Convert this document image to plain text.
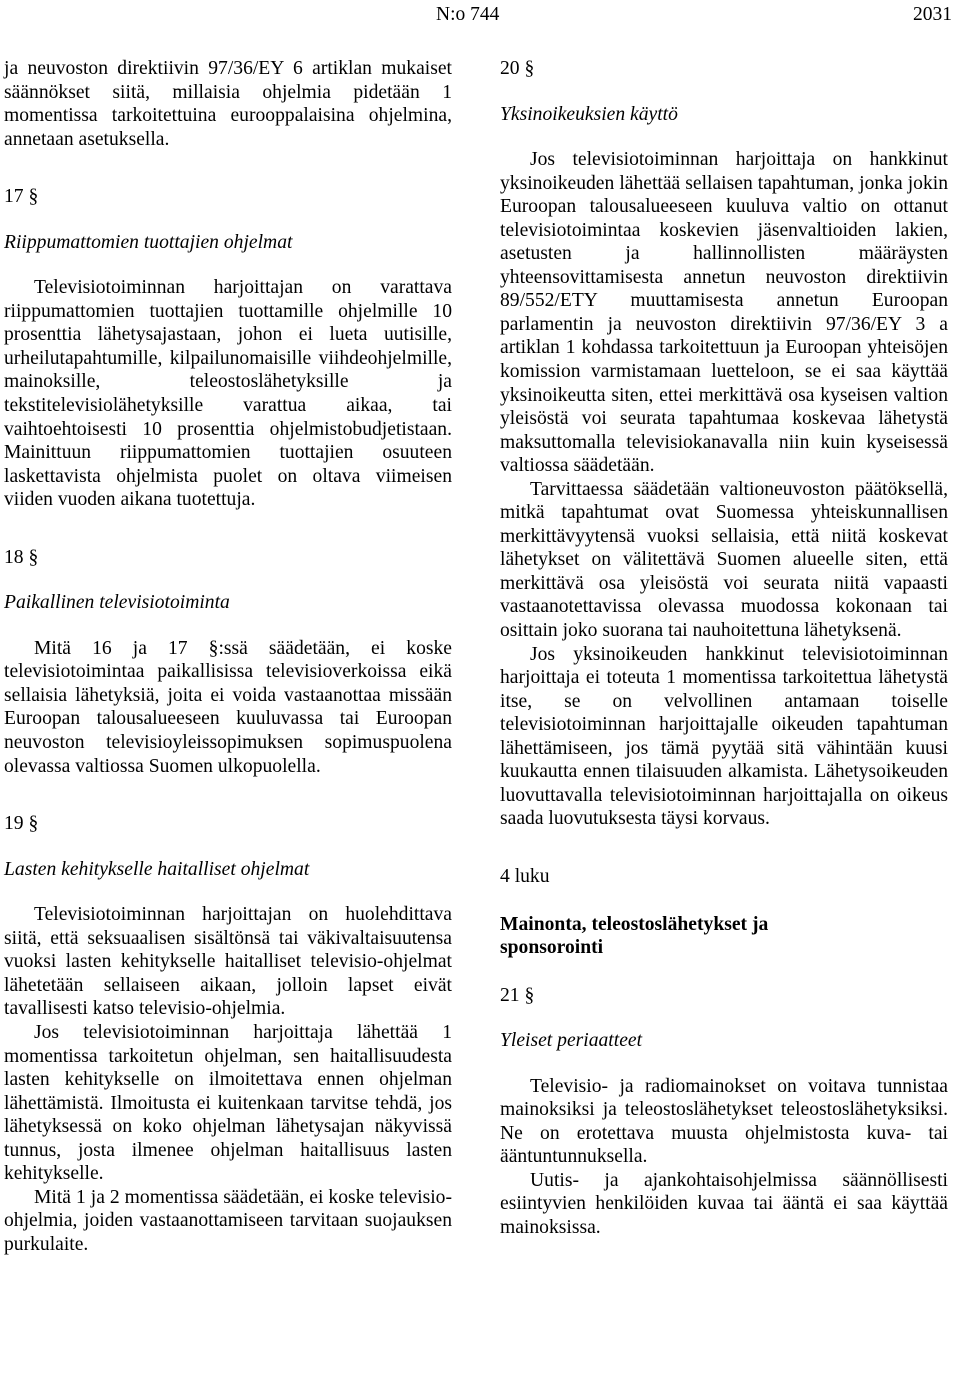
N:o 744	2031

ja neuvoston direktiivin 97/36/EY 6 artiklan mukaiset säännökset siitä, millaisia ohjelmia pidetään 1 momentissa tarkoitettuina eurooppalaisina ohjelmina, annetaan asetuksella.

17 §

Riippumattomien tuottajien ohjelmat

Televisiotoiminnan harjoittajan on varattava riippumattomien tuottajien tuottamille ohjelmille 10 prosenttia lähetysajastaan, johon ei lueta uutisille, urheilutapahtumille, kilpailunomaisille viihdeohjelmille, mainoksille, teleostoslähetyksille ja tekstitelevisiolähetyksille varattua aikaa, tai vaihtoehtoisesti 10 prosenttia ohjelmistobudjetistaan. Mainittuun riippumattomien tuottajien osuuteen laskettavista ohjelmista puolet on oltava viimeisen viiden vuoden aikana tuotettuja.

18 §

Paikallinen televisiotoiminta

Mitä 16 ja 17 §:ssä säädetään, ei koske televisiotoimintaa paikallisissa televisioverkoissa eikä sellaisia lähetyksiä, joita ei voida vastaanottaa missään Euroopan talousalueeseen kuuluvassa tai Euroopan neuvoston televisioyleissopimuksen sopimuspuolena olevassa valtiossa Suomen ulkopuolella.

19 §

Lasten kehitykselle haitalliset ohjelmat

Televisiotoiminnan harjoittajan on huolehdittava siitä, että seksuaalisen sisältönsä tai väkivaltaisuutensa vuoksi lasten kehitykselle haitalliset televisio-ohjelmat lähetetään sellaiseen aikaan, jolloin lapset eivät tavallisesti katso televisio-ohjelmia.

Jos televisiotoiminnan harjoittaja lähettää 1 momentissa tarkoitetun ohjelman, sen haitallisuudesta lasten kehitykselle on ilmoitettava ennen ohjelman lähettämistä. Ilmoitusta ei kuitenkaan tarvitse tehdä, jos lähetyksessä on koko ohjelman lähetysajan näkyvissä tunnus, josta ilmenee ohjelman haitallisuus lasten kehitykselle.

Mitä 1 ja 2 momentissa säädetään, ei koske televisio-ohjelmia, joiden vastaanottamiseen tarvitaan suojauksen purkulaite.

20 §

Yksinoikeuksien käyttö

Jos televisiotoiminnan harjoittaja on hankkinut yksinoikeuden lähettää sellaisen tapahtuman, jonka jokin Euroopan talousalueeseen kuuluva valtio on ottanut televisiotoimintaa koskevien jäsenvaltioiden lakien, asetusten ja hallinnollisten määräysten yhteensovittamisesta annetun neuvoston direktiivin 89/552/ETY muuttamisesta annetun Euroopan parlamentin ja neuvoston direktiivin 97/36/EY 3 a artiklan 1 kohdassa tarkoitettuun ja Euroopan yhteisöjen komission varmistamaan luetteloon, se ei saa käyttää yksinoikeutta siten, ettei merkittävä osa kyseisen valtion yleisöstä voi seurata tapahtumaa koskevaa lähetystä maksuttomalla televisiokanavalla niin kuin kyseisessä valtiossa säädetään.

Tarvittaessa säädetään valtioneuvoston päätöksellä, mitkä tapahtumat ovat Suomessa yhteiskunnallisen merkittävyytensä vuoksi sellaisia, että niitä koskevat lähetykset on välitettävä Suomen alueelle siten, että merkittävä osa yleisöstä voi seurata niitä vapaasti vastaanotettavissa olevassa muodossa kokonaan tai osittain joko suorana tai nauhoitettuna lähetyksenä.

Jos yksinoikeuden hankkinut televisiotoiminnan harjoittaja ei toteuta 1 momentissa tarkoitettua lähetystä itse, se on velvollinen antamaan toiselle televisiotoiminnan harjoittajalle oikeuden tapahtuman lähettämiseen, jos tämä pyytää sitä vähintään kuusi kuukautta ennen tilaisuuden alkamista. Lähetysoikeuden luovuttavalla televisiotoiminnan harjoittajalla on oikeus saada luovutuksesta täysi korvaus.

4 luku

Mainonta, teleostoslähetykset ja

sponsorointi

21 §

Yleiset periaatteet

Televisio- ja radiomainokset on voitava tunnistaa mainoksiksi ja teleostoslähetykset teleostoslähetyksiksi. Ne on erotettava muusta ohjelmistosta kuva- tai ääntuntunnuksella.

Uutis- ja ajankohtaisohjelmissa säännöllisesti esiintyvien henkilöiden kuvaa tai ääntä ei saa käyttää mainoksissa.
